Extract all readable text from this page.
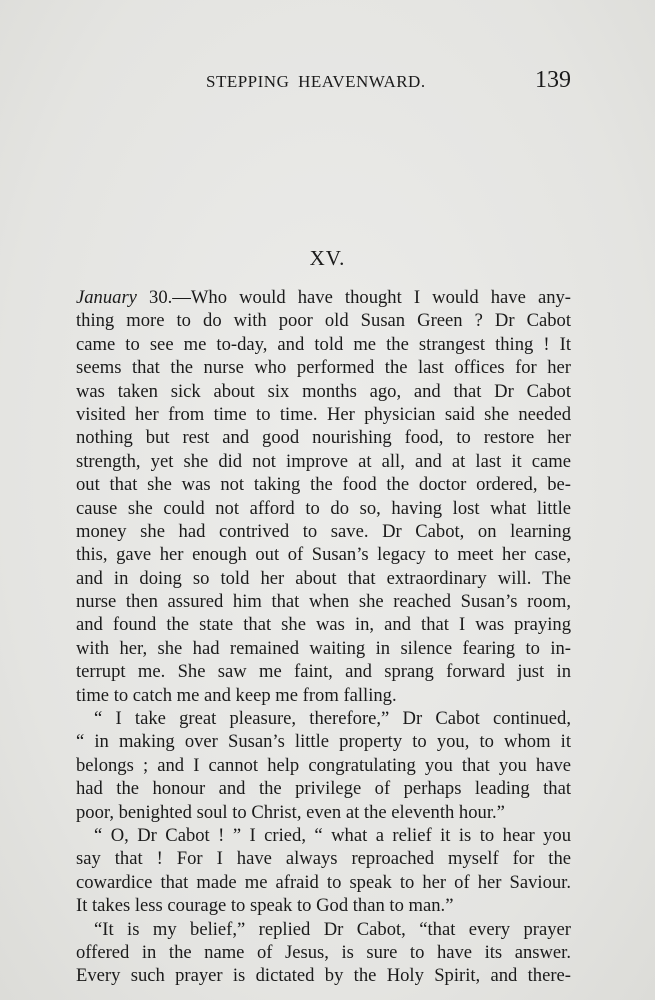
STEPPING HEAVENWARD.	139
XV.
January 30.—Who would have thought I would have any-
thing more to do with poor old Susan Green ? Dr Cabot
came to see me to-day, and told me the strangest thing ! It
seems that the nurse who performed the last offices for her
was taken sick about six months ago, and that Dr Cabot
visited her from time to time. Her physician said she needed
nothing but rest and good nourishing food, to restore her
strength, yet she did not improve at all, and at last it came
out that she was not taking the food the doctor ordered, be-
cause she could not afford to do so, having lost what little
money she had contrived to save. Dr Cabot, on learning
this, gave her enough out of Susan’s legacy to meet her case,
and in doing so told her about that extraordinary will. The
nurse then assured him that when she reached Susan’s room,
and found the state that she was in, and that I was praying
with her, she had remained waiting in silence fearing to in-
terrupt me. She saw me faint, and sprang forward just in
time to catch me and keep me from falling.
“ I take great pleasure, therefore,” Dr Cabot continued,
“ in making over Susan’s little property to you, to whom it
belongs ; and I cannot help congratulating you that you have
had the honour and the privilege of perhaps leading that
poor, benighted soul to Christ, even at the eleventh hour.”
“ O, Dr Cabot ! ” I cried, “ what a relief it is to hear you
say that ! For I have always reproached myself for the
cowardice that made me afraid to speak to her of her Saviour.
It takes less courage to speak to God than to man.”
“It is my belief,” replied Dr Cabot, “that every prayer
offered in the name of Jesus, is sure to have its answer.
Every such prayer is dictated by the Holy Spirit, and there-
